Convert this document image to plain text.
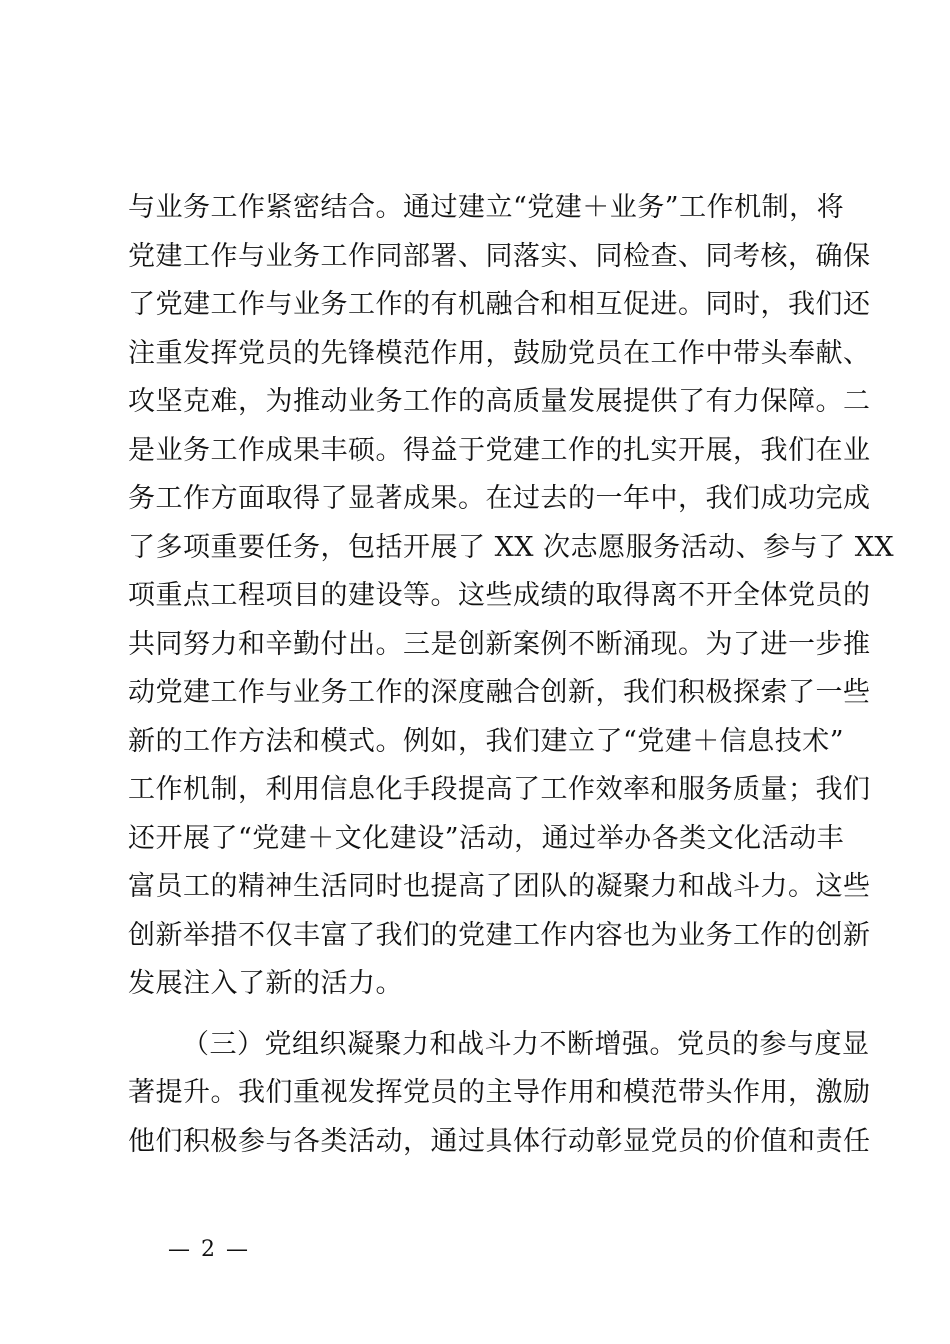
与业务工作紧密结合。通过建立“党建＋业务”工作机制，将
党建工作与业务工作同部署、同落实、同检查、同考核，确保
了党建工作与业务工作的有机融合和相互促进。同时，我们还
注重发挥党员的先锋模范作用，鼓励党员在工作中带头奉献、
攻坚克难，为推动业务工作的高质量发展提供了有力保障。二
是业务工作成果丰硕。得益于党建工作的扎实开展，我们在业
务工作方面取得了显著成果。在过去的一年中，我们成功完成
了多项重要任务，包括开展了 XX 次志愿服务活动、参与了 XX
项重点工程项目的建设等。这些成绩的取得离不开全体党员的
共同努力和辛勤付出。三是创新案例不断涌现。为了进一步推
动党建工作与业务工作的深度融合创新，我们积极探索了一些
新的工作方法和模式。例如，我们建立了“党建＋信息技术”
工作机制，利用信息化手段提高了工作效率和服务质量；我们
还开展了“党建＋文化建设”活动，通过举办各类文化活动丰
富员工的精神生活同时也提高了团队的凝聚力和战斗力。这些
创新举措不仅丰富了我们的党建工作内容也为业务工作的创新
发展注入了新的活力。
（三）党组织凝聚力和战斗力不断增强。党员的参与度显
著提升。我们重视发挥党员的主导作用和模范带头作用，激励
他们积极参与各类活动，通过具体行动彰显党员的价值和责任
— 2 —
